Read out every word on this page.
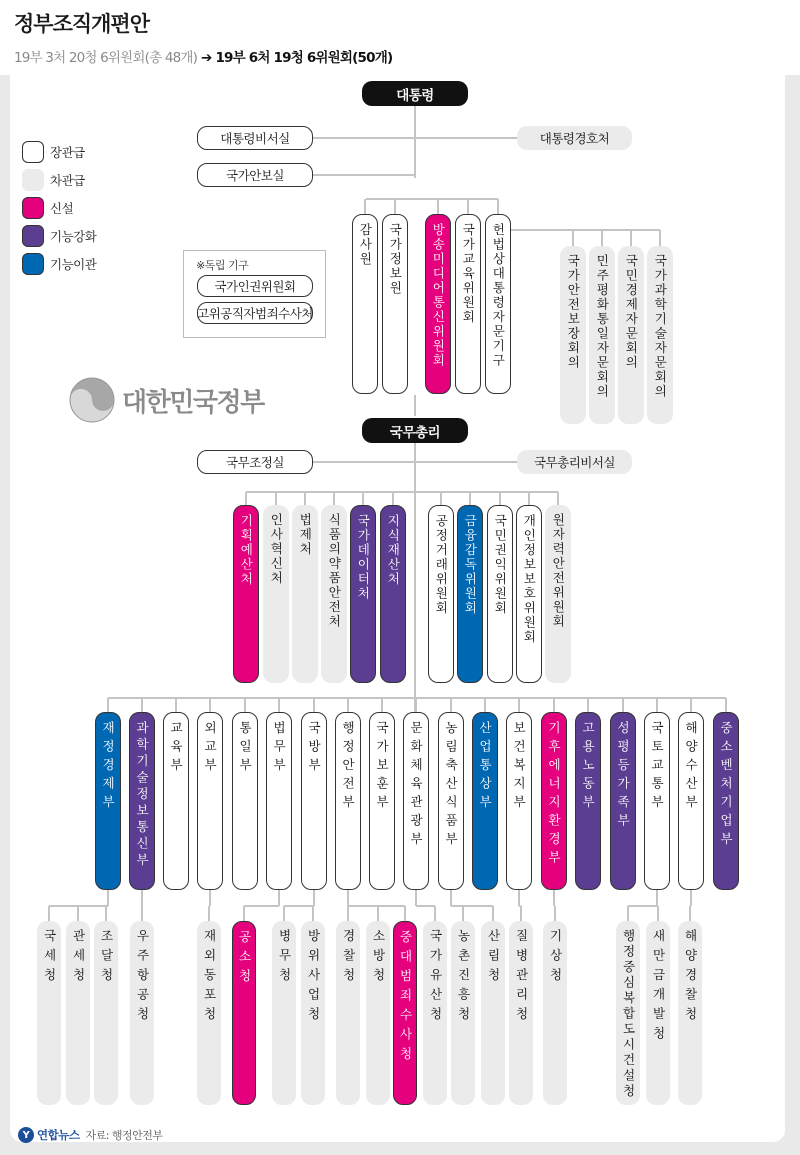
정부조직개편안
19부 3처 20청 6위원회(총 48개) ➔ 19부 6처 19청 6위원회(50개)
장관급
차관급
신설
기능강화
기능이관	※독립 기구
대한민국정부
국가인권위원회
고위공직자범죄수사처
대통령
대통령비서실
국가안보실
대통령경호처
감사원	국가정보원	방송미디어통신위원회	국가교육위원회	헌법상대통령자문기구	국가안전보장회의	민주평화통일자문회의	국민경제자문회의	국가과학기술자문회의
국무총리
국무조정실	국무총리비서실
기획예산처	인사혁신처	법제처	식품의약품안전처	국가데이터처	지식재산처	공정거래위원회	금융감독위원회	국민권익위원회	개인정보보호위원회	원자력안전위원회
재정경제부	과학기술정보통신부	교육부	외교부	통일부	법무부	국방부	행정안전부	국가보훈부	문화체육관광부	농림축산식품부	산업통상부	보건복지부	기후에너지환경부	고용노동부	성평등가족부	국토교통부	해양수산부	중소벤처기업부
국세청	관세청	조달청	우주항공청	재외동포청	공소청	병무청	방위사업청	경찰청	소방청 중대범죄수사청	국가유산청	농촌진흥청	산림청	질병관리청	기상청	행정중심복합도시건설청	새만금개발청	해양경찰청
Y 연합뉴스 자료: 행정안전부
